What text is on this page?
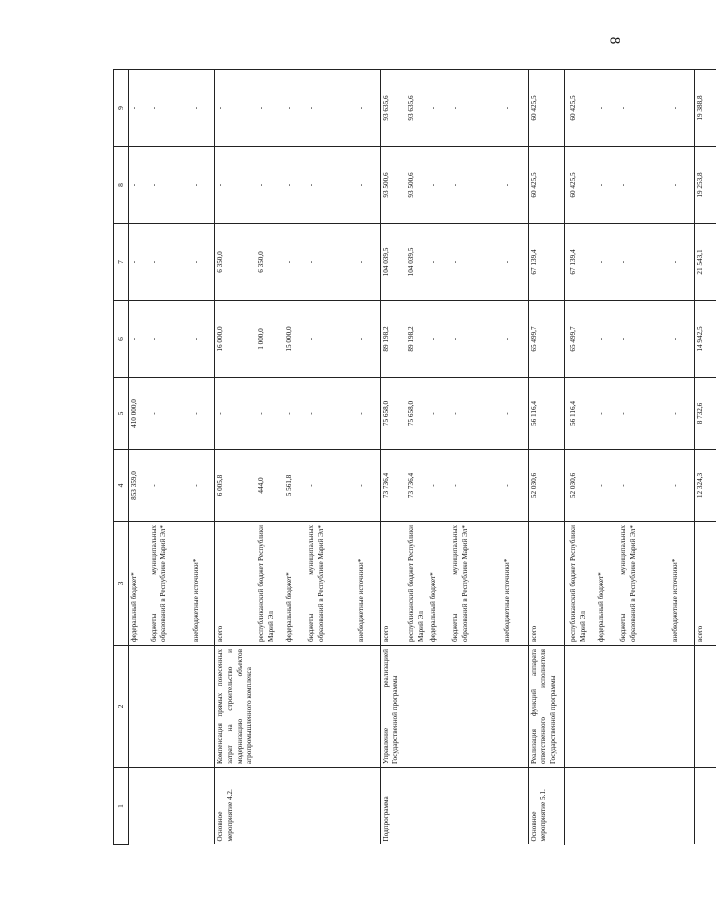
8
1	2	3	4	5	6	7	8	9
		федеральный бюджет*	853 359,0	410 000,0	-	-	-	-
		бюджеты муниципальных образований в Республике Марий Эл*	-	-	-	-	-	-
		внебюджетные источники*	-	-	-	-	-	-
Основное мероприятие 4.2.	Компенсация прямых понесенных затрат на строительство и модернизацию объектов агропромышленного комплекса	всего	6 005,8	-	16 000,0	6 350,0	-	-
		республиканский бюджет Республики Марий Эл	444,0	-	1 000,0	6 350,0	-	-
		федеральный бюджет*	5 561,8	-	15 000,0	-	-	-
		бюджеты муниципальных образований в Республике Марий Эл*	-	-	-	-	-	-
		внебюджетные источники*	-	-	-	-	-	-
Подпрограмма	Управление реализацией Государственной программы	всего	73 736,4	75 658,0	89 198,2	104 039,5	93 500,6	93 635,6
		республиканский бюджет Республики Марий Эл	73 736,4	75 658,0	89 198,2	104 039,5	93 500,6	93 635,6
		федеральный бюджет*	-	-	-	-	-	-
		бюджеты муниципальных образований в Республике Марий Эл*	-	-	-	-	-	-
		внебюджетные источники*	-	-	-	-	-	-
Основное мероприятие 5.1.	Реализация функций аппарата ответственного исполнителя Государственной программы	всего	52 030,6	56 116,4	65 499,7	67 139,4	60 425,5	60 425,5
		республиканский бюджет Республики Марий Эл	52 030,6	56 116,4	65 499,7	67 139,4	60 425,5	60 425,5
		федеральный бюджет*	-	-	-	-	-	-
		бюджеты муниципальных образований в Республике Марий Эл*	-	-	-	-	-	-
		внебюджетные источники*	-	-	-	-	-	-
		всего	12 324,3	8 732,6	14 942,5	21 543,1	19 253,8	19 388,8
